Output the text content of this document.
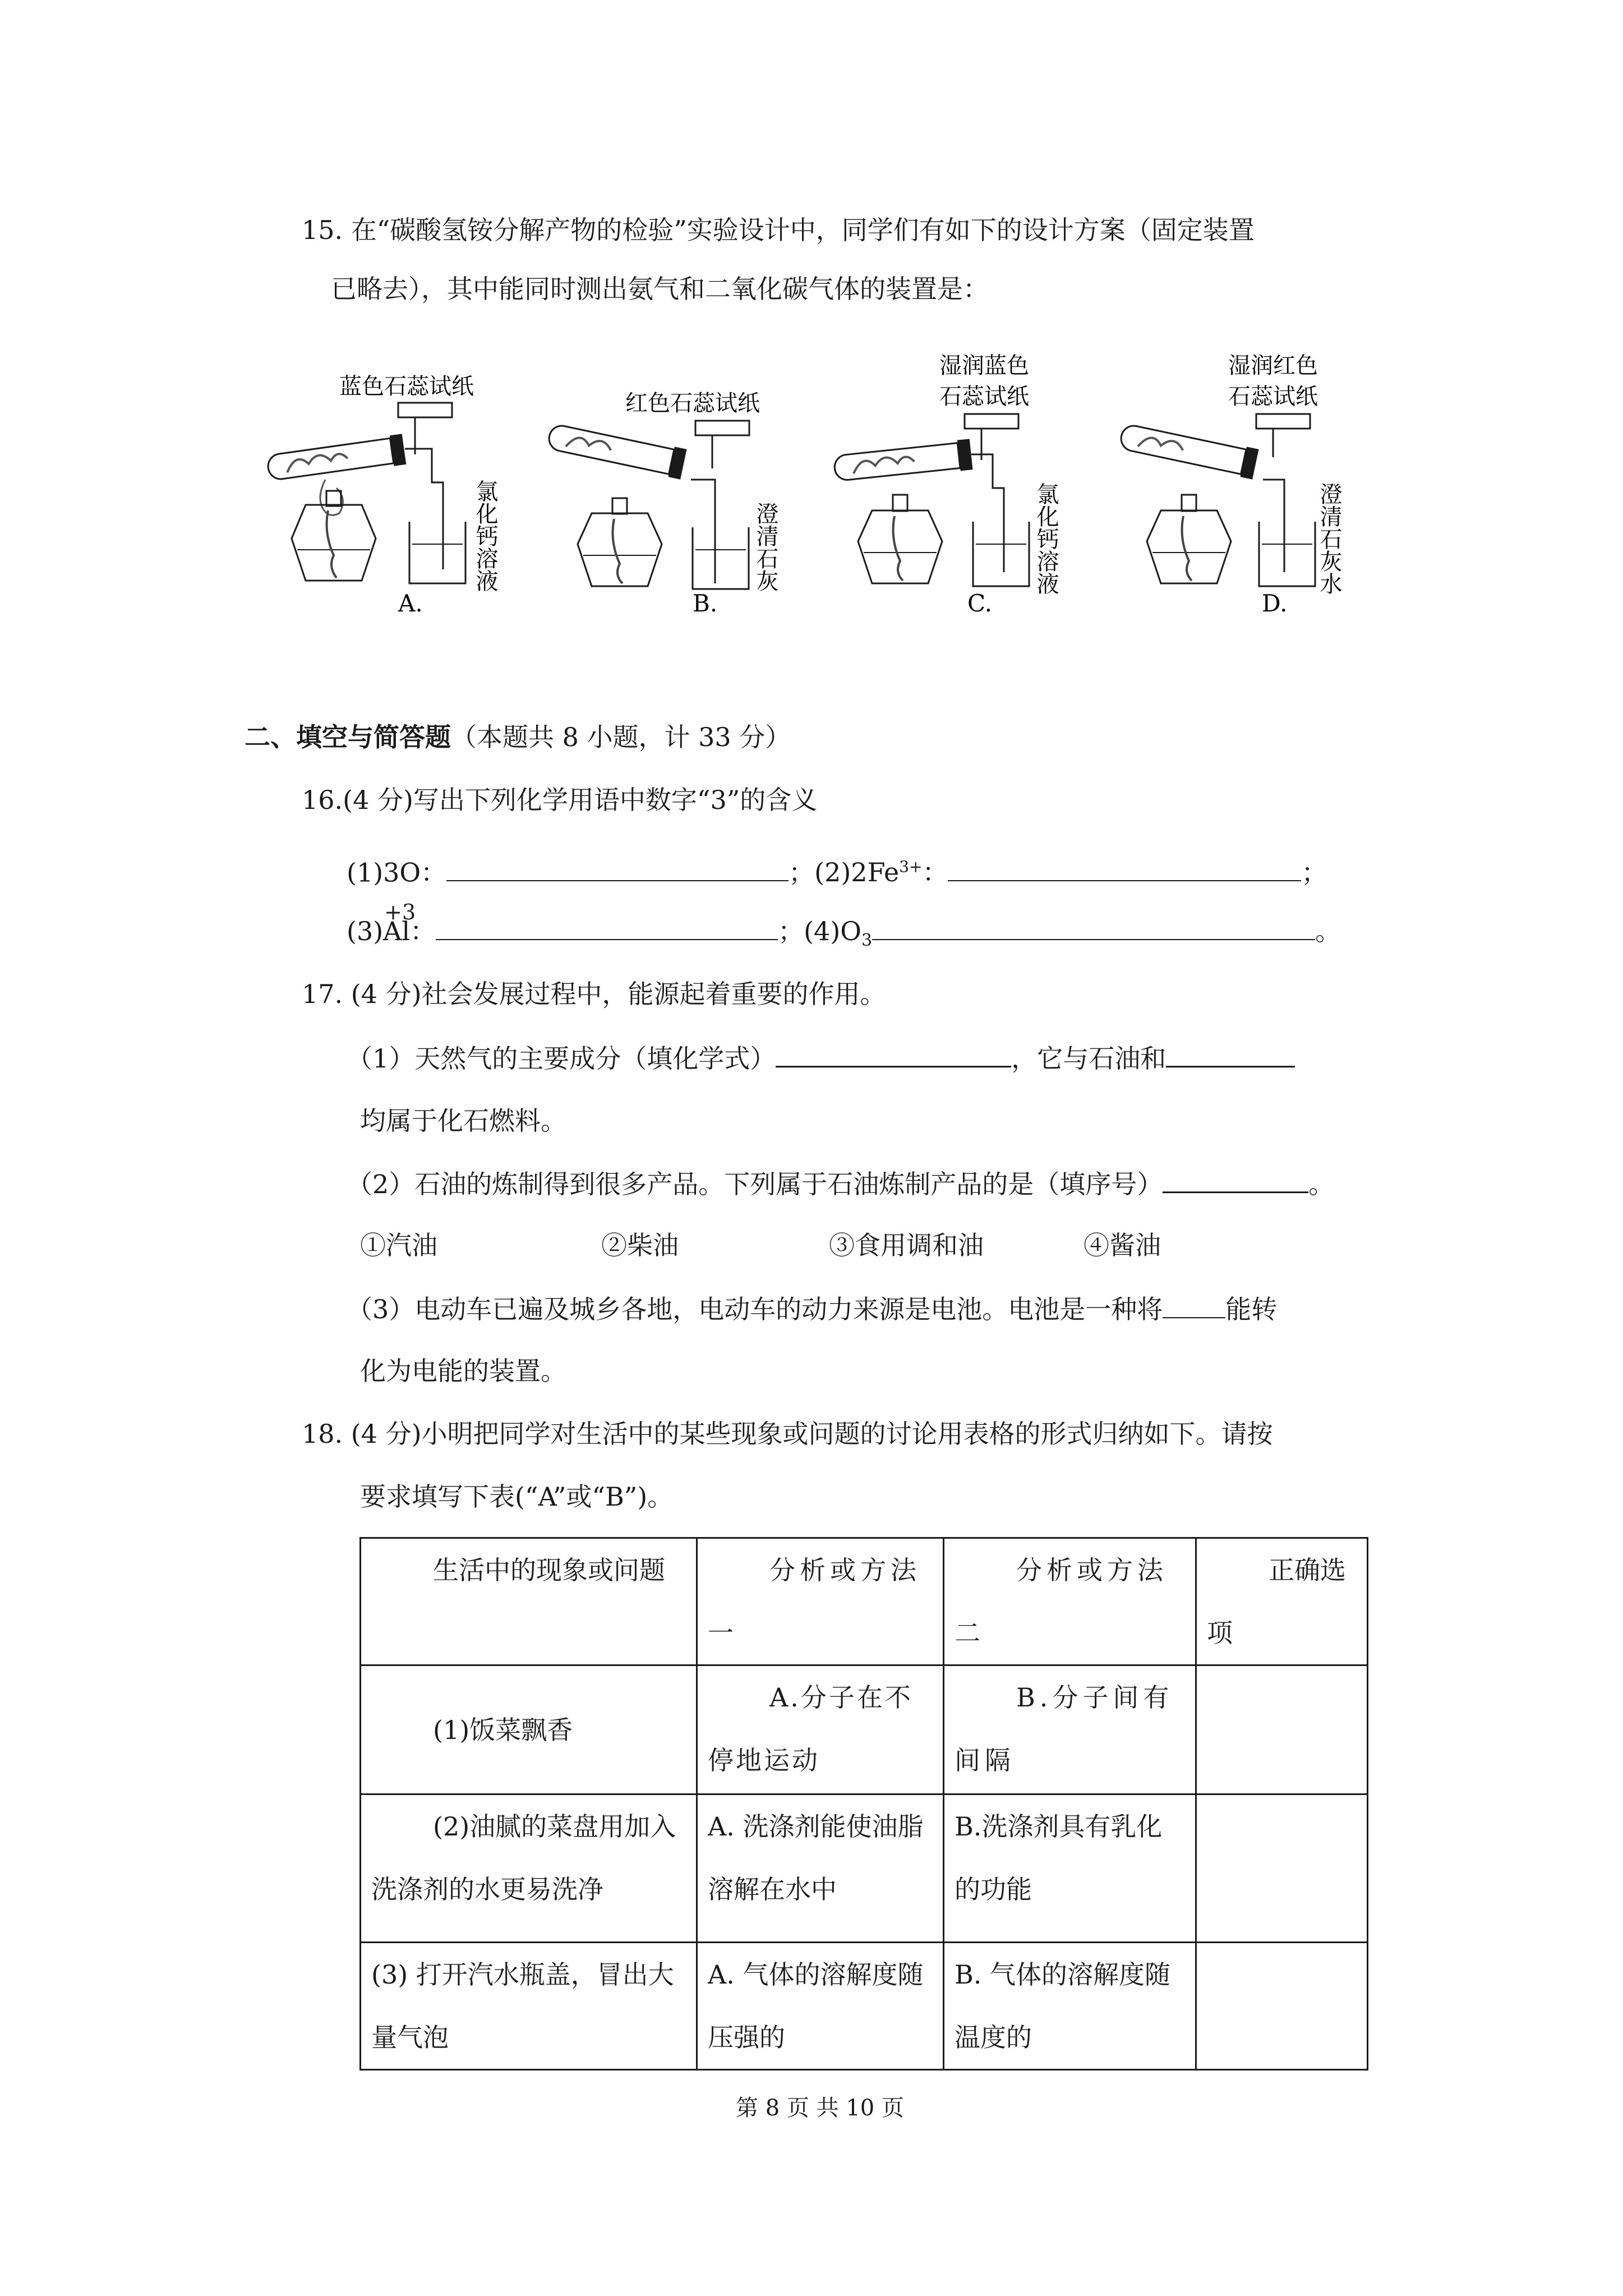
15. 在“碳酸氢铵分解产物的检验”实验设计中，同学们有如下的设计方案（固定装置
已略去），其中能同时测出氨气和二氧化碳气体的装置是：
蓝色石蕊试纸
氯化钙溶液
A.
红色石蕊试纸
澄清石灰
B.
湿润蓝色
石蕊试纸
氯化钙溶液
C.
湿润红色
石蕊试纸
澄清石灰水
D.
二、填空与简答题（本题共 8 小题，计 33 分）
16.(4 分)写出下列化学用语中数字“3”的含义
(1)3O：	；$(2)2Fe^{3+}$：	；
(3)
+3
Al：	；$(4)O_3$	。
17. (4 分)社会发展过程中，能源起着重要的作用。
（1）天然气的主要成分（填化学式）	，它与石油和
均属于化石燃料。
（2）石油的炼制得到很多产品。下列属于石油炼制产品的是（填序号）	。
①汽油	②柴油	③食用调和油	④酱油
（3）电动车已遍及城乡各地，电动车的动力来源是电池。电池是一种将 能转
化为电能的装置。
18. (4 分)小明把同学对生活中的某些现象或问题的讨论用表格的形式归纳如下。请按
要求填写下表(“A”或“B”)。
生活中的现象或问题	分析或方法一	分析或方法二	正确选项
(1)饭菜飘香	A.分子在不停地运动	B.分子间有间隔	
(2)油腻的菜盘用加入洗涤剂的水更易洗净	A. 洗涤剂能使油脂溶解在水中	B.洗涤剂具有乳化的功能	
(3) 打开汽水瓶盖，冒出大量气泡	A. 气体的溶解度随压强的	B. 气体的溶解度随温度的	
第 8 页 共 10 页
